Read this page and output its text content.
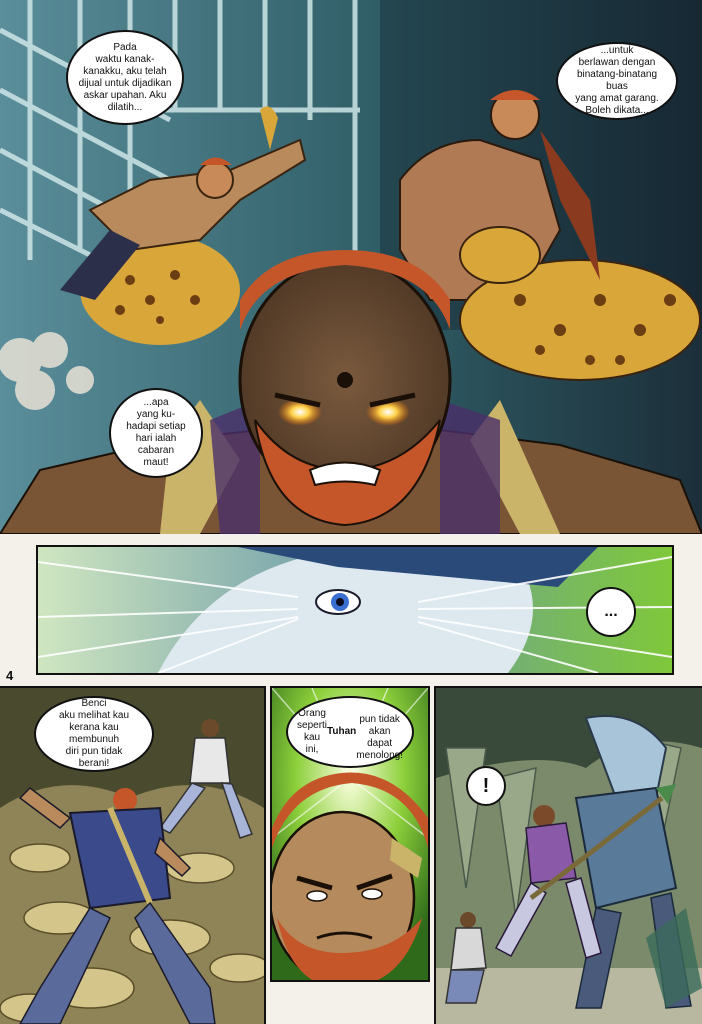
Pada
waktu kanak-
kanakku, aku telah
dijual untuk dijadikan
askar upahan. Aku
dilatih...
...untuk
berlawan dengan
binatang-binatang buas
yang amat garang.
Boleh dikata...
...apa
yang ku-
hadapi setiap
hari ialah
cabaran
maut!
...
4
Benci
aku melihat kau
kerana kau membunuh
diri pun tidak
berani!
Orang
seperti kau ini,
Tuhan

pun tidak akan dapat
menolong!
!
